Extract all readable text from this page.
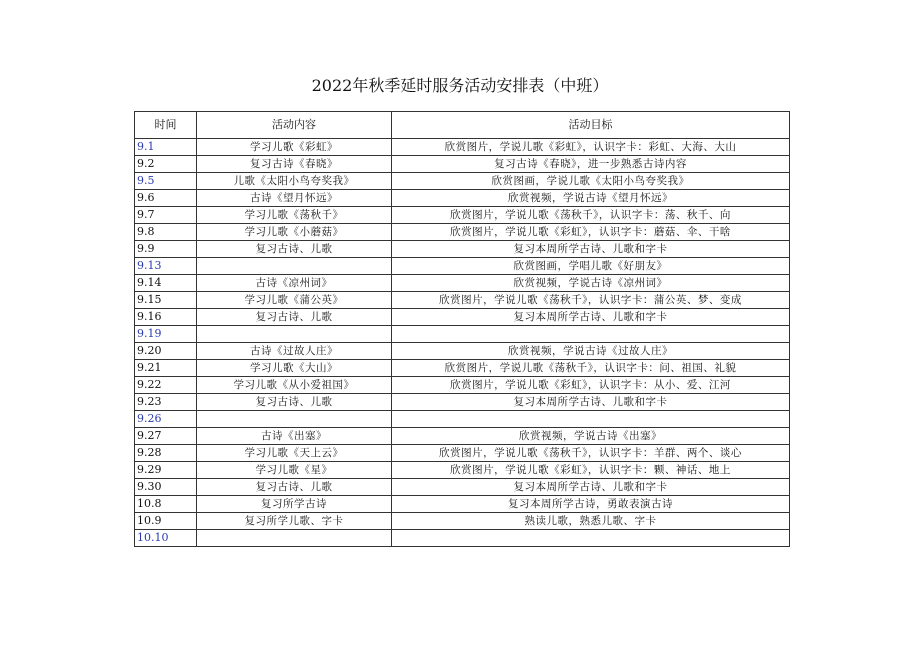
2022年秋季延时服务活动安排表（中班）
时间	活动内容	活动目标
9.1	学习儿歌《彩虹》	欣赏图片，学说儿歌《彩虹》，认识字卡：彩虹、大海、大山
9.2	复习古诗《春晓》	复习古诗《春晓》，进一步熟悉古诗内容
9.5	儿歌《太阳小鸟夸奖我》	欣赏图画，学说儿歌《太阳小鸟夸奖我》
9.6	古诗《望月怀远》	欣赏视频，学说古诗《望月怀远》
9.7	学习儿歌《荡秋千》	欣赏图片，学说儿歌《荡秋千》，认识字卡：荡、秋千、向
9.8	学习儿歌《小蘑菇》	欣赏图片，学说儿歌《彩虹》，认识字卡：蘑菇、伞、干啥
9.9	复习古诗、儿歌	复习本周所学古诗、儿歌和字卡
9.13		欣赏图画，学唱儿歌《好朋友》
9.14	古诗《凉州词》	欣赏视频，学说古诗《凉州词》
9.15	学习儿歌《蒲公英》	欣赏图片，学说儿歌《荡秋千》，认识字卡：蒲公英、梦、变成
9.16	复习古诗、儿歌	复习本周所学古诗、儿歌和字卡
9.19		
9.20	古诗《过故人庄》	欣赏视频，学说古诗《过故人庄》
9.21	学习儿歌《大山》	欣赏图片，学说儿歌《荡秋千》，认识字卡：问、祖国、礼貌
9.22	学习儿歌《从小爱祖国》	欣赏图片，学说儿歌《彩虹》，认识字卡：从小、爱、江河
9.23	复习古诗、儿歌	复习本周所学古诗、儿歌和字卡
9.26		
9.27	古诗《出塞》	欣赏视频，学说古诗《出塞》
9.28	学习儿歌《天上云》	欣赏图片，学说儿歌《荡秋千》，认识字卡：羊群、两个、谈心
9.29	学习儿歌《星》	欣赏图片，学说儿歌《彩虹》，认识字卡：颗、神话、地上
9.30	复习古诗、儿歌	复习本周所学古诗、儿歌和字卡
10.8	复习所学古诗	复习本周所学古诗，勇敢表演古诗
10.9	复习所学儿歌、字卡	熟读儿歌，熟悉儿歌、字卡
10.10		
